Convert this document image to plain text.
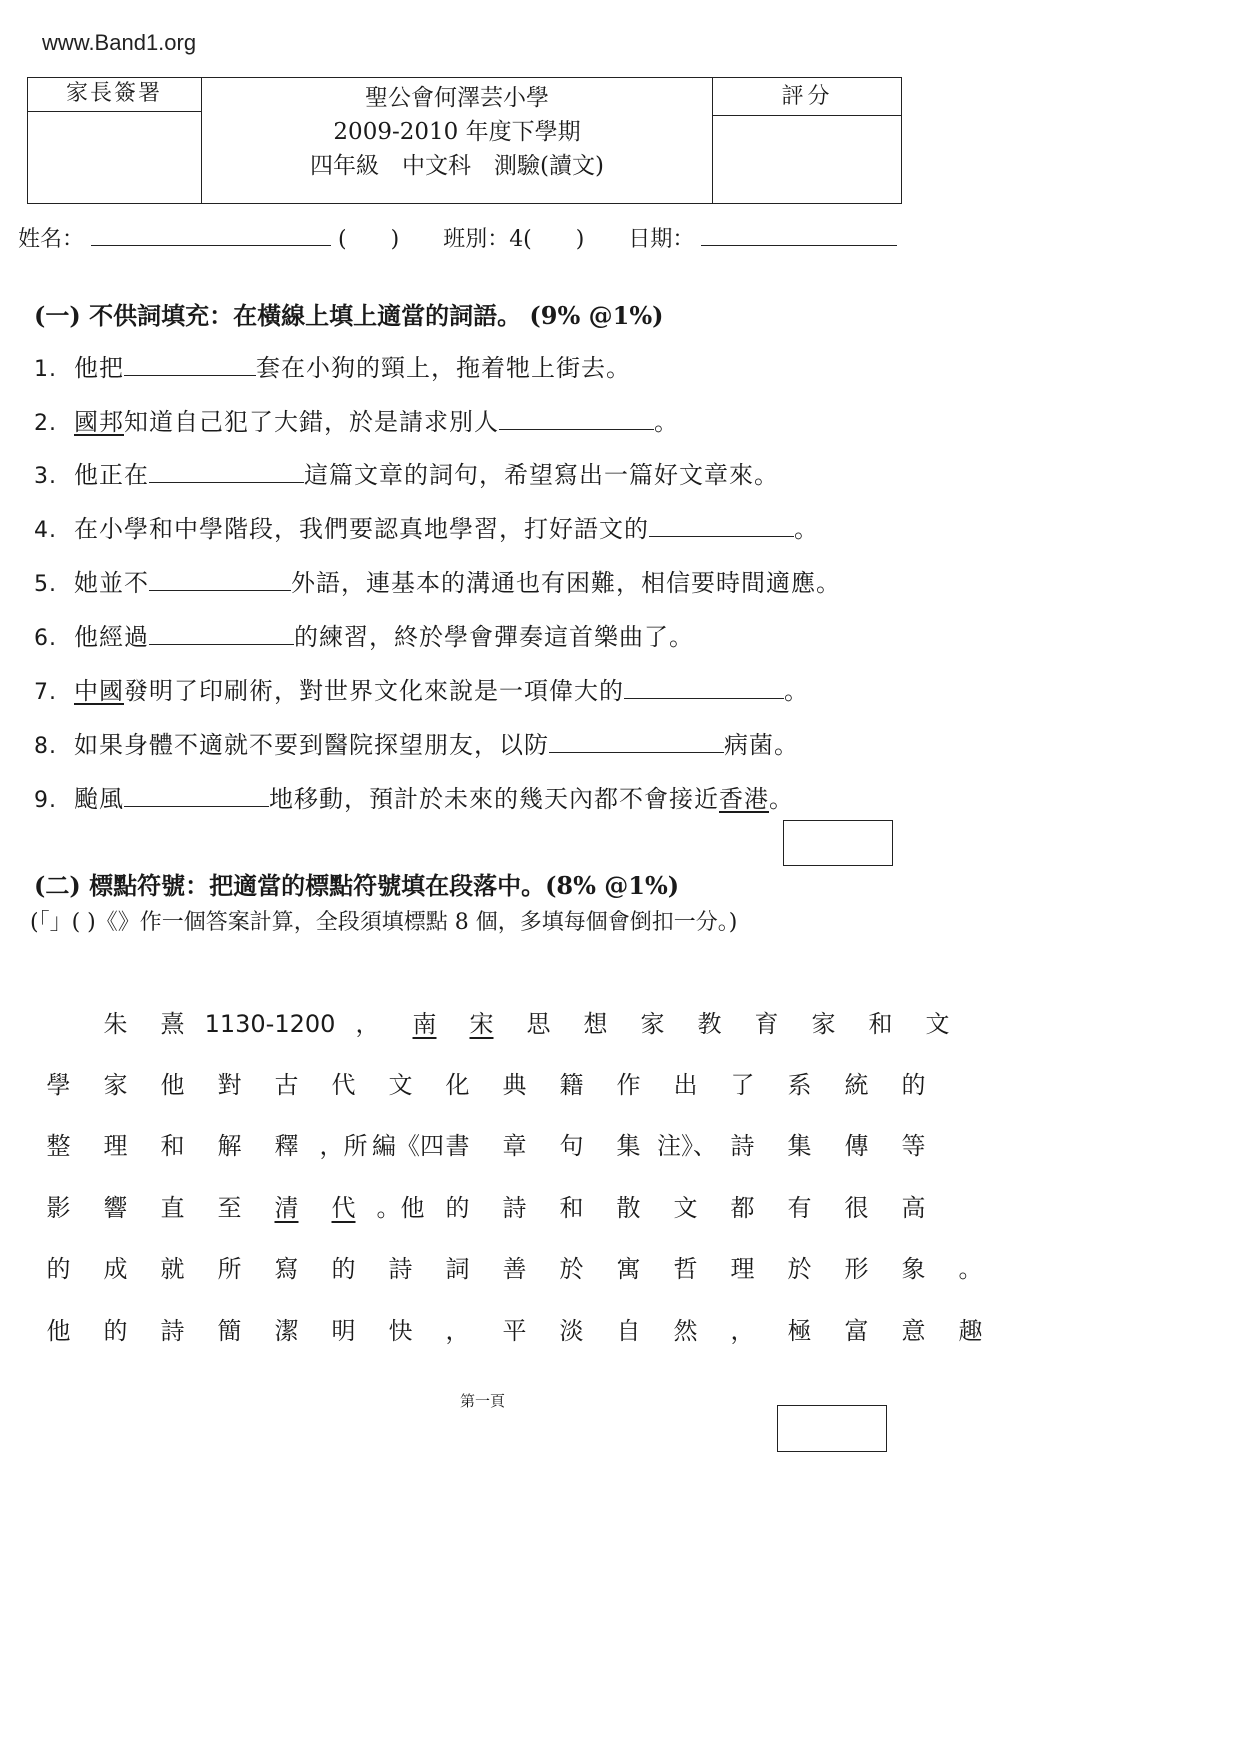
www.Band1.org
家長簽署	聖公會何澤芸小學
2009-2010 年度下學期
四年級　中文科　測驗(讀文)
評分
姓名：	(　　) 班別：4(　　) 日期：
(一) 不供詞填充：在橫線上填上適當的詞語。 (9% @1%)
1. 他把	套在小狗的頸上，拖着牠上街去。
2. 國邦知道自己犯了大錯，於是請求別人	。
3. 他正在	這篇文章的詞句，希望寫出一篇好文章來。
4. 在小學和中學階段，我們要認真地學習，打好語文的	。
5. 她並不	外語，連基本的溝通也有困難，相信要時間適應。
6. 他經過	的練習，終於學會彈奏這首樂曲了。
7. 中國發明了印刷術，對世界文化來說是一項偉大的	。
8. 如果身體不適就不要到醫院探望朋友，以防	病菌。
9. 颱風	地移動，預計於未來的幾天內都不會接近香港。
(二) 標點符號：把適當的標點符號填在段落中。(8% @1%)
(「」( )《》作一個答案計算，全段須填標點 8 個，多填每個會倒扣一分。)
朱 熹 1130-1200 ， 南 宋 思 想 家 教 育 家 和 文
學 家 他 對 古 代 文 化 典 籍 作 出 了 系 統 的
整 理 和 解 釋 ，所 編《四書 章 句 集 注》、 詩 集 傳 等
影 響 直 至 清 代 。他 的 詩 和 散 文 都 有 很 高
的 成 就 所 寫 的 詩 詞 善 於 寓 哲 理 於 形 象 。
他 的 詩 簡 潔 明 快 ， 平 淡 自 然 ， 極 富 意 趣
第一頁
